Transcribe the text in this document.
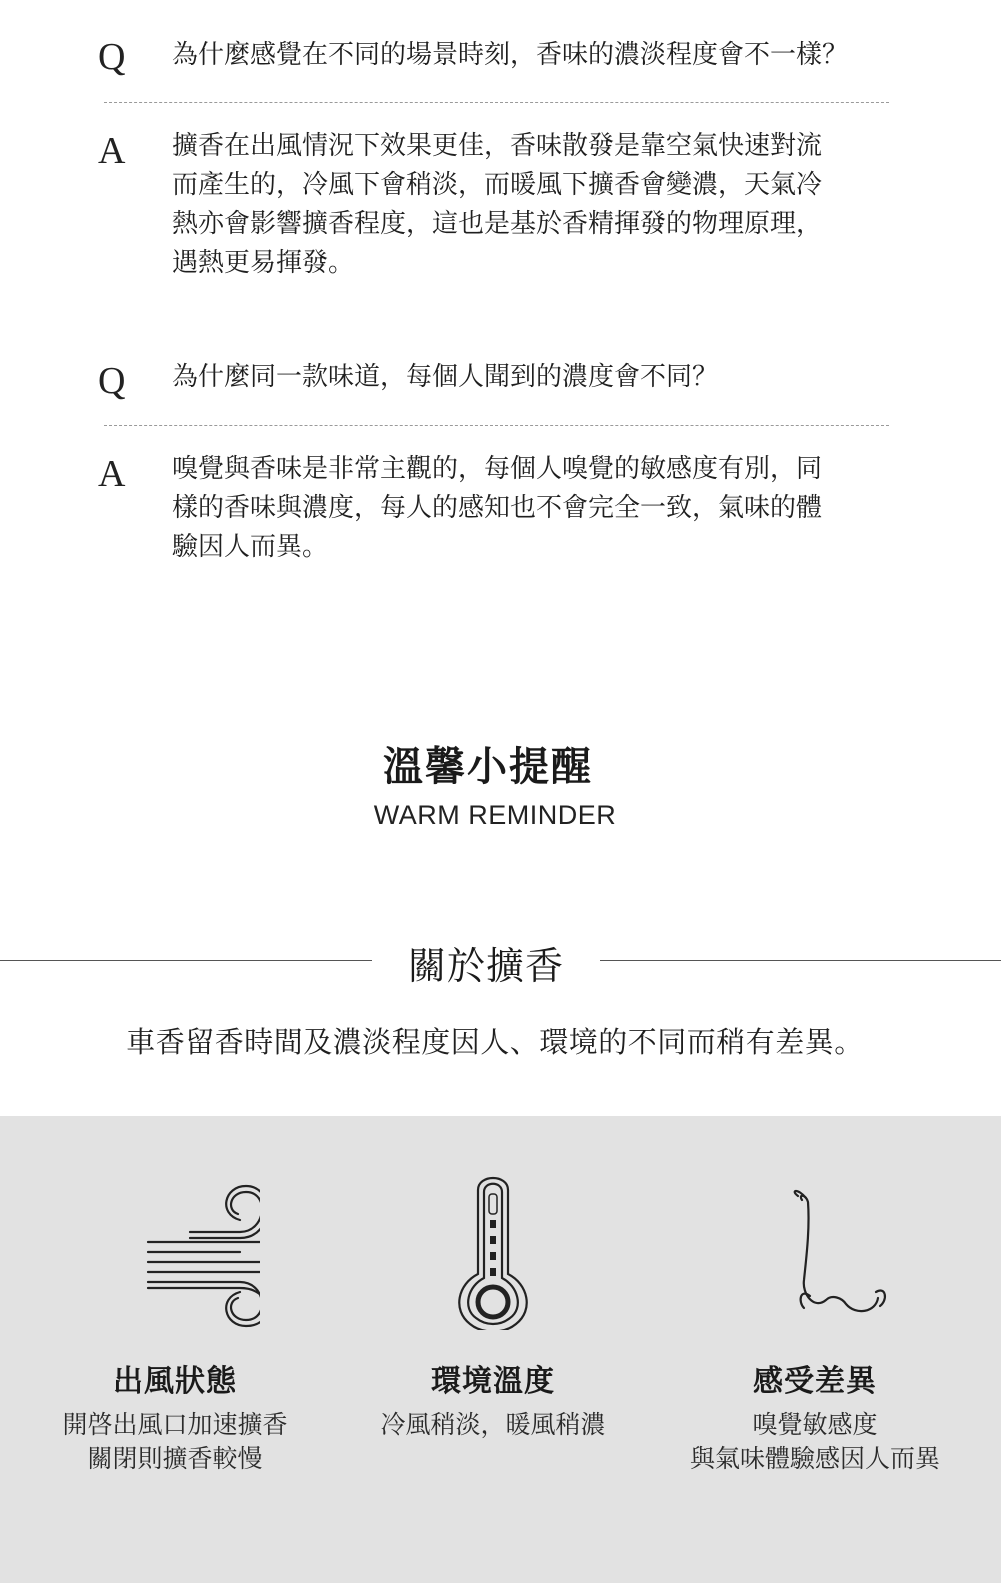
Q 為什麼感覺在不同的場景時刻，香味的濃淡程度會不一樣？
A 擴香在出風情況下效果更佳，香味散發是靠空氣快速對流
而產生的，冷風下會稍淡，而暖風下擴香會變濃，天氣冷
熱亦會影響擴香程度，這也是基於香精揮發的物理原理，
遇熱更易揮發。
Q 為什麼同一款味道，每個人聞到的濃度會不同？
A 嗅覺與香味是非常主觀的，每個人嗅覺的敏感度有別，同
樣的香味與濃度，每人的感知也不會完全一致，氣味的體
驗因人而異。
溫馨小提醒
WARM REMINDER
關於擴香
車香留香時間及濃淡程度因人、環境的不同而稍有差異。
出風狀態
開啓出風口加速擴香
關閉則擴香較慢
環境溫度
冷風稍淡，暖風稍濃
感受差異
嗅覺敏感度
與氣味體驗感因人而異
